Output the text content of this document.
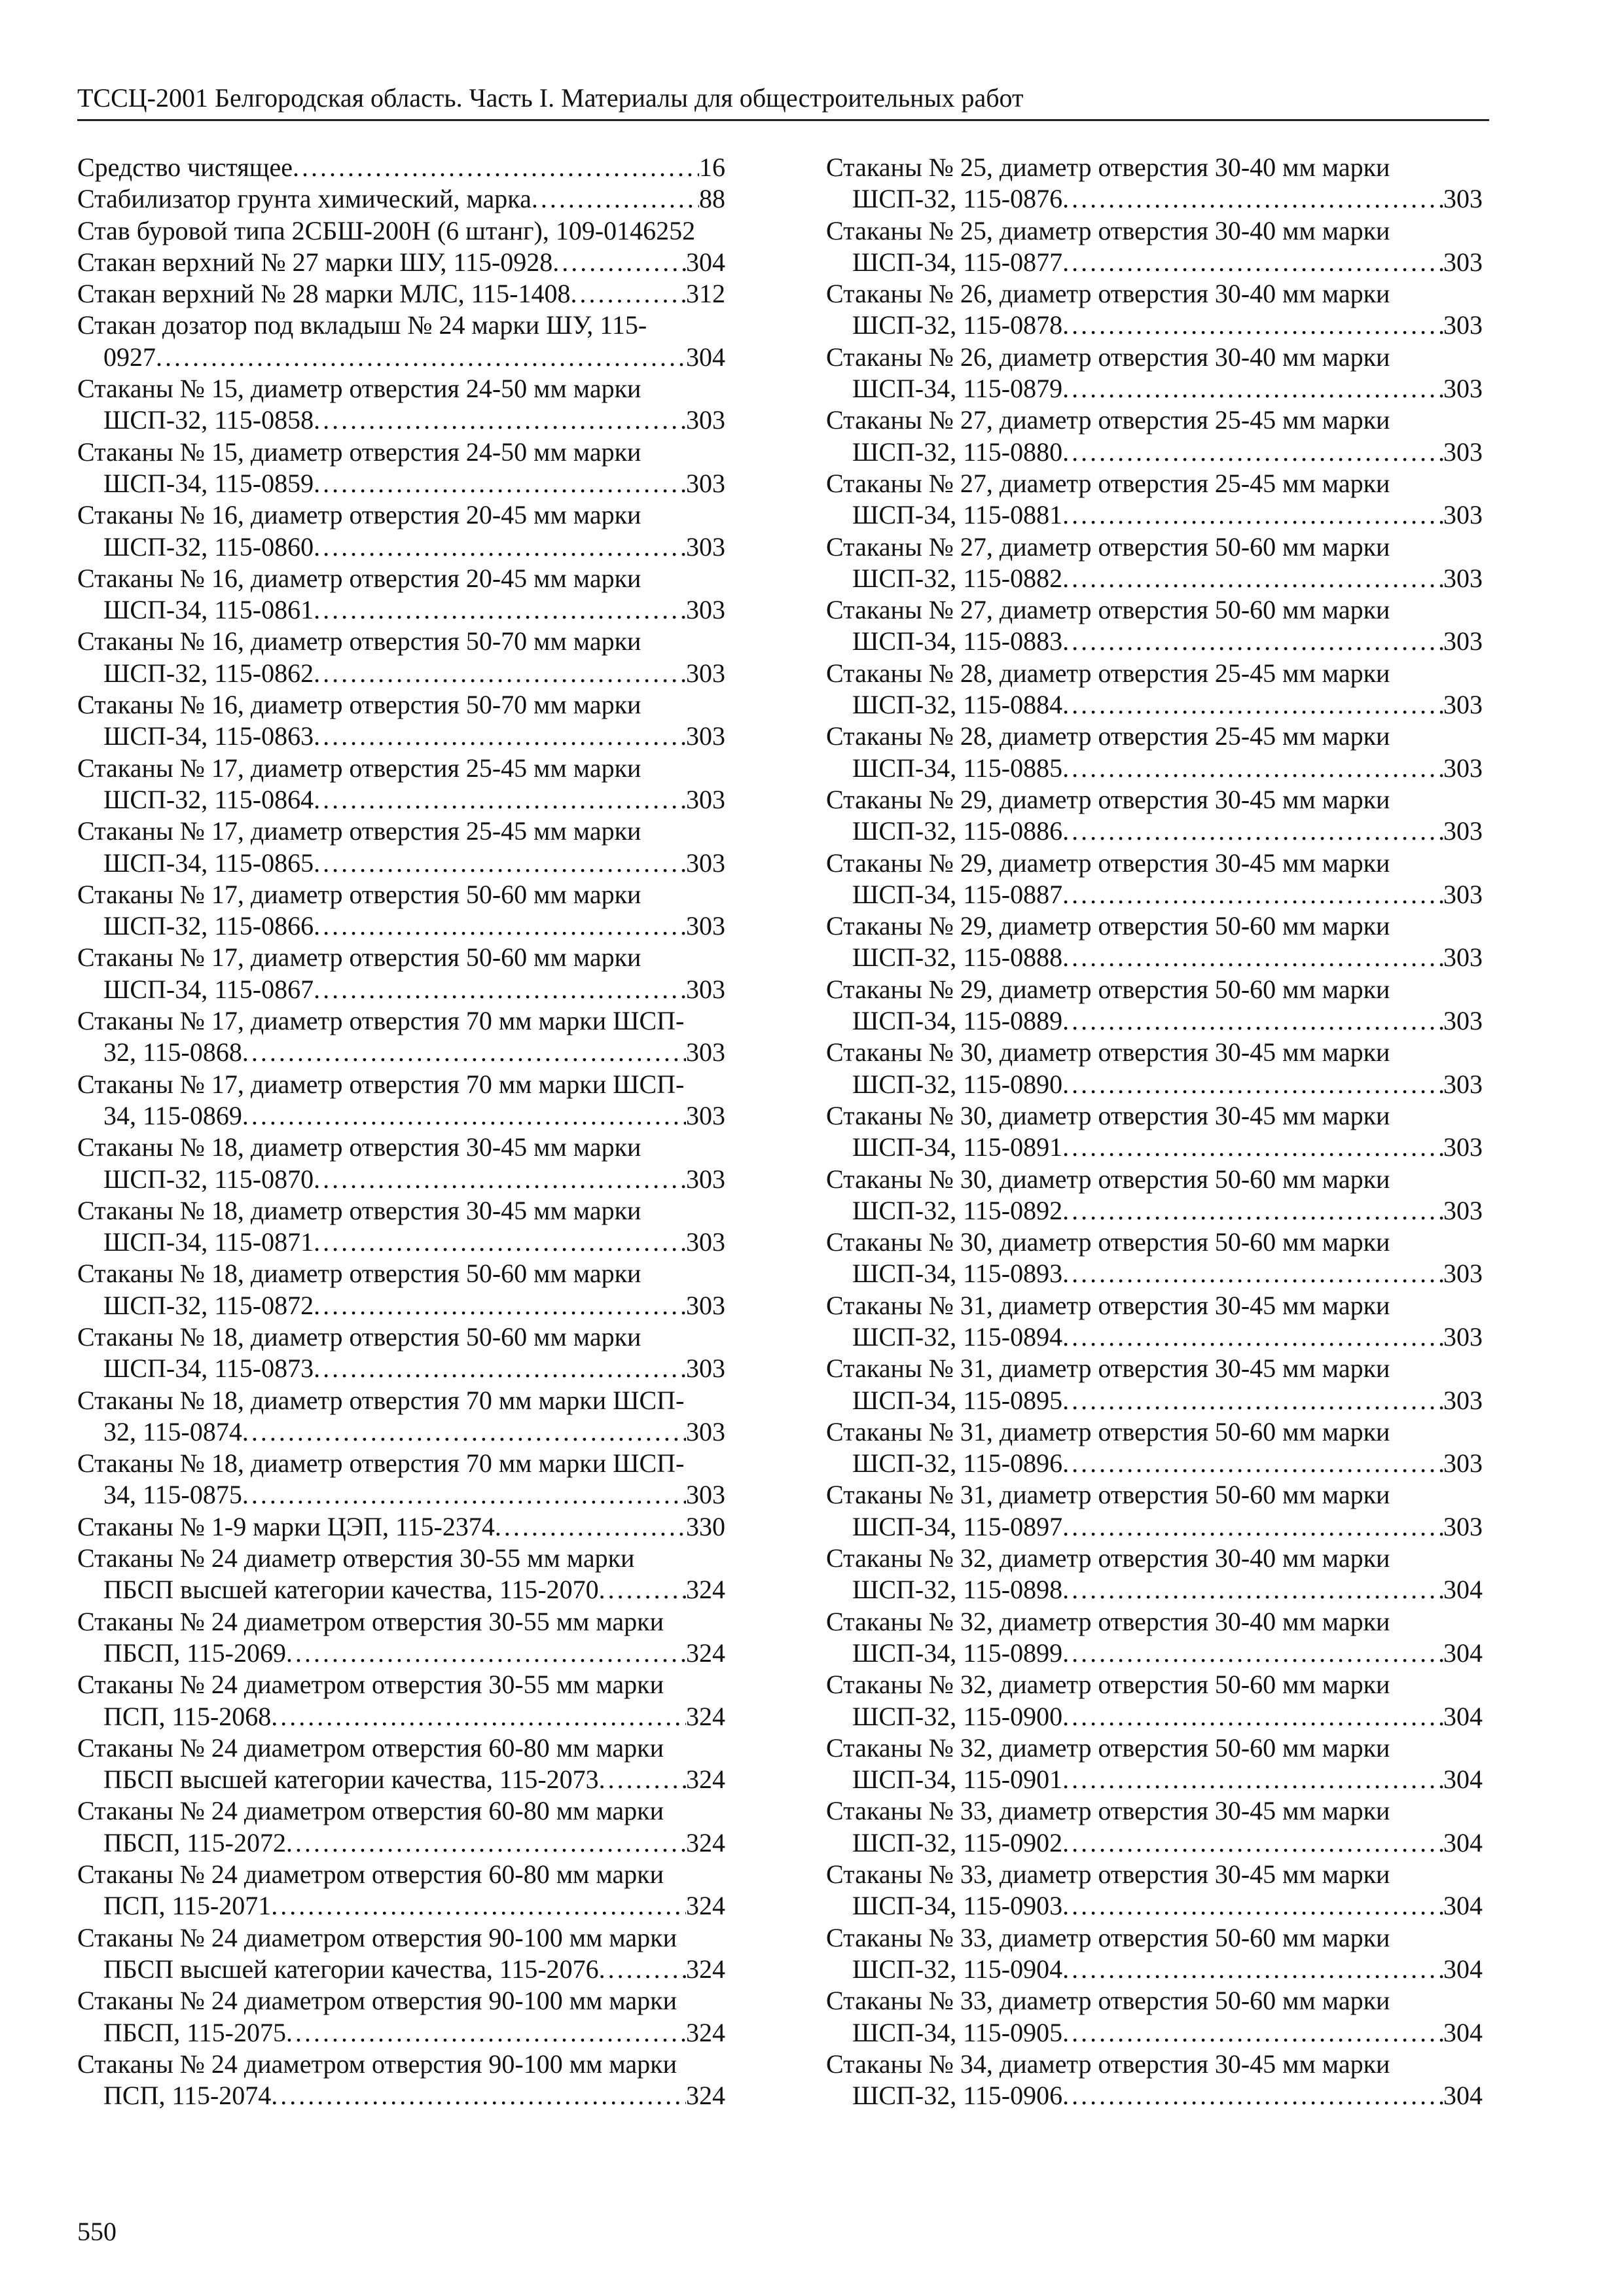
ТССЦ-2001 Белгородская область. Часть I. Материалы для общестроительных работ
Средство чистящее . . .	16
Стабилизатор грунта химический, марка . . .	88
Став буровой типа 2СБШ-200Н (6 штанг), 109-0146252
Стакан верхний № 27 марки ШУ, 115-0928 . . .	304
Стакан верхний № 28 марки МЛС, 115-1408 . . .	312
Стакан дозатор под вкладыш № 24 марки ШУ, 115-
0927 . . .	304
Стаканы № 15, диаметр отверстия 24-50 мм марки
ШСП-32, 115-0858 . . .	303
Стаканы № 15, диаметр отверстия 24-50 мм марки
ШСП-34, 115-0859 . . .	303
Стаканы № 16, диаметр отверстия 20-45 мм марки
ШСП-32, 115-0860 . . .	303
Стаканы № 16, диаметр отверстия 20-45 мм марки
ШСП-34, 115-0861 . . .	303
Стаканы № 16, диаметр отверстия 50-70 мм марки
ШСП-32, 115-0862 . . .	303
Стаканы № 16, диаметр отверстия 50-70 мм марки
ШСП-34, 115-0863 . . .	303
Стаканы № 17, диаметр отверстия 25-45 мм марки
ШСП-32, 115-0864 . . .	303
Стаканы № 17, диаметр отверстия 25-45 мм марки
ШСП-34, 115-0865 . . .	303
Стаканы № 17, диаметр отверстия 50-60 мм марки
ШСП-32, 115-0866 . . .	303
Стаканы № 17, диаметр отверстия 50-60 мм марки
ШСП-34, 115-0867 . . .	303
Стаканы № 17, диаметр отверстия 70 мм марки ШСП-
32, 115-0868 . . .	303
Стаканы № 17, диаметр отверстия 70 мм марки ШСП-
34, 115-0869 . . .	303
Стаканы № 18, диаметр отверстия 30-45 мм марки
ШСП-32, 115-0870 . . .	303
Стаканы № 18, диаметр отверстия 30-45 мм марки
ШСП-34, 115-0871 . . .	303
Стаканы № 18, диаметр отверстия 50-60 мм марки
ШСП-32, 115-0872 . . .	303
Стаканы № 18, диаметр отверстия 50-60 мм марки
ШСП-34, 115-0873 . . .	303
Стаканы № 18, диаметр отверстия 70 мм марки ШСП-
32, 115-0874 . . .	303
Стаканы № 18, диаметр отверстия 70 мм марки ШСП-
34, 115-0875 . . .	303
Стаканы № 1-9 марки ЦЭП, 115-2374 . . .	330
Стаканы № 24 диаметр отверстия 30-55 мм марки
ПБСП высшей категории качества, 115-2070 . . .	324
Стаканы № 24 диаметром отверстия 30-55 мм марки
ПБСП, 115-2069 . . .	324
Стаканы № 24 диаметром отверстия 30-55 мм марки
ПСП, 115-2068 . . .	324
Стаканы № 24 диаметром отверстия 60-80 мм марки
ПБСП высшей категории качества, 115-2073 . . .	324
Стаканы № 24 диаметром отверстия 60-80 мм марки
ПБСП, 115-2072 . . .	324
Стаканы № 24 диаметром отверстия 60-80 мм марки
ПСП, 115-2071 . . .	324
Стаканы № 24 диаметром отверстия 90-100 мм марки
ПБСП высшей категории качества, 115-2076 . . .	324
Стаканы № 24 диаметром отверстия 90-100 мм марки
ПБСП, 115-2075 . . .	324
Стаканы № 24 диаметром отверстия 90-100 мм марки
ПСП, 115-2074 . . .	324
Стаканы № 25, диаметр отверстия 30-40 мм марки
ШСП-32, 115-0876 . . .	303
Стаканы № 25, диаметр отверстия 30-40 мм марки
ШСП-34, 115-0877 . . .	303
Стаканы № 26, диаметр отверстия 30-40 мм марки
ШСП-32, 115-0878 . . .	303
Стаканы № 26, диаметр отверстия 30-40 мм марки
ШСП-34, 115-0879 . . .	303
Стаканы № 27, диаметр отверстия 25-45 мм марки
ШСП-32, 115-0880 . . .	303
Стаканы № 27, диаметр отверстия 25-45 мм марки
ШСП-34, 115-0881 . . .	303
Стаканы № 27, диаметр отверстия 50-60 мм марки
ШСП-32, 115-0882 . . .	303
Стаканы № 27, диаметр отверстия 50-60 мм марки
ШСП-34, 115-0883 . . .	303
Стаканы № 28, диаметр отверстия 25-45 мм марки
ШСП-32, 115-0884 . . .	303
Стаканы № 28, диаметр отверстия 25-45 мм марки
ШСП-34, 115-0885 . . .	303
Стаканы № 29, диаметр отверстия 30-45 мм марки
ШСП-32, 115-0886 . . .	303
Стаканы № 29, диаметр отверстия 30-45 мм марки
ШСП-34, 115-0887 . . .	303
Стаканы № 29, диаметр отверстия 50-60 мм марки
ШСП-32, 115-0888 . . .	303
Стаканы № 29, диаметр отверстия 50-60 мм марки
ШСП-34, 115-0889 . . .	303
Стаканы № 30, диаметр отверстия 30-45 мм марки
ШСП-32, 115-0890 . . .	303
Стаканы № 30, диаметр отверстия 30-45 мм марки
ШСП-34, 115-0891 . . .	303
Стаканы № 30, диаметр отверстия 50-60 мм марки
ШСП-32, 115-0892 . . .	303
Стаканы № 30, диаметр отверстия 50-60 мм марки
ШСП-34, 115-0893 . . .	303
Стаканы № 31, диаметр отверстия 30-45 мм марки
ШСП-32, 115-0894 . . .	303
Стаканы № 31, диаметр отверстия 30-45 мм марки
ШСП-34, 115-0895 . . .	303
Стаканы № 31, диаметр отверстия 50-60 мм марки
ШСП-32, 115-0896 . . .	303
Стаканы № 31, диаметр отверстия 50-60 мм марки
ШСП-34, 115-0897 . . .	303
Стаканы № 32, диаметр отверстия 30-40 мм марки
ШСП-32, 115-0898 . . .	304
Стаканы № 32, диаметр отверстия 30-40 мм марки
ШСП-34, 115-0899 . . .	304
Стаканы № 32, диаметр отверстия 50-60 мм марки
ШСП-32, 115-0900 . . .	304
Стаканы № 32, диаметр отверстия 50-60 мм марки
ШСП-34, 115-0901 . . .	304
Стаканы № 33, диаметр отверстия 30-45 мм марки
ШСП-32, 115-0902 . . .	304
Стаканы № 33, диаметр отверстия 30-45 мм марки
ШСП-34, 115-0903 . . .	304
Стаканы № 33, диаметр отверстия 50-60 мм марки
ШСП-32, 115-0904 . . .	304
Стаканы № 33, диаметр отверстия 50-60 мм марки
ШСП-34, 115-0905 . . .	304
Стаканы № 34, диаметр отверстия 30-45 мм марки
ШСП-32, 115-0906 . . .	304
550
